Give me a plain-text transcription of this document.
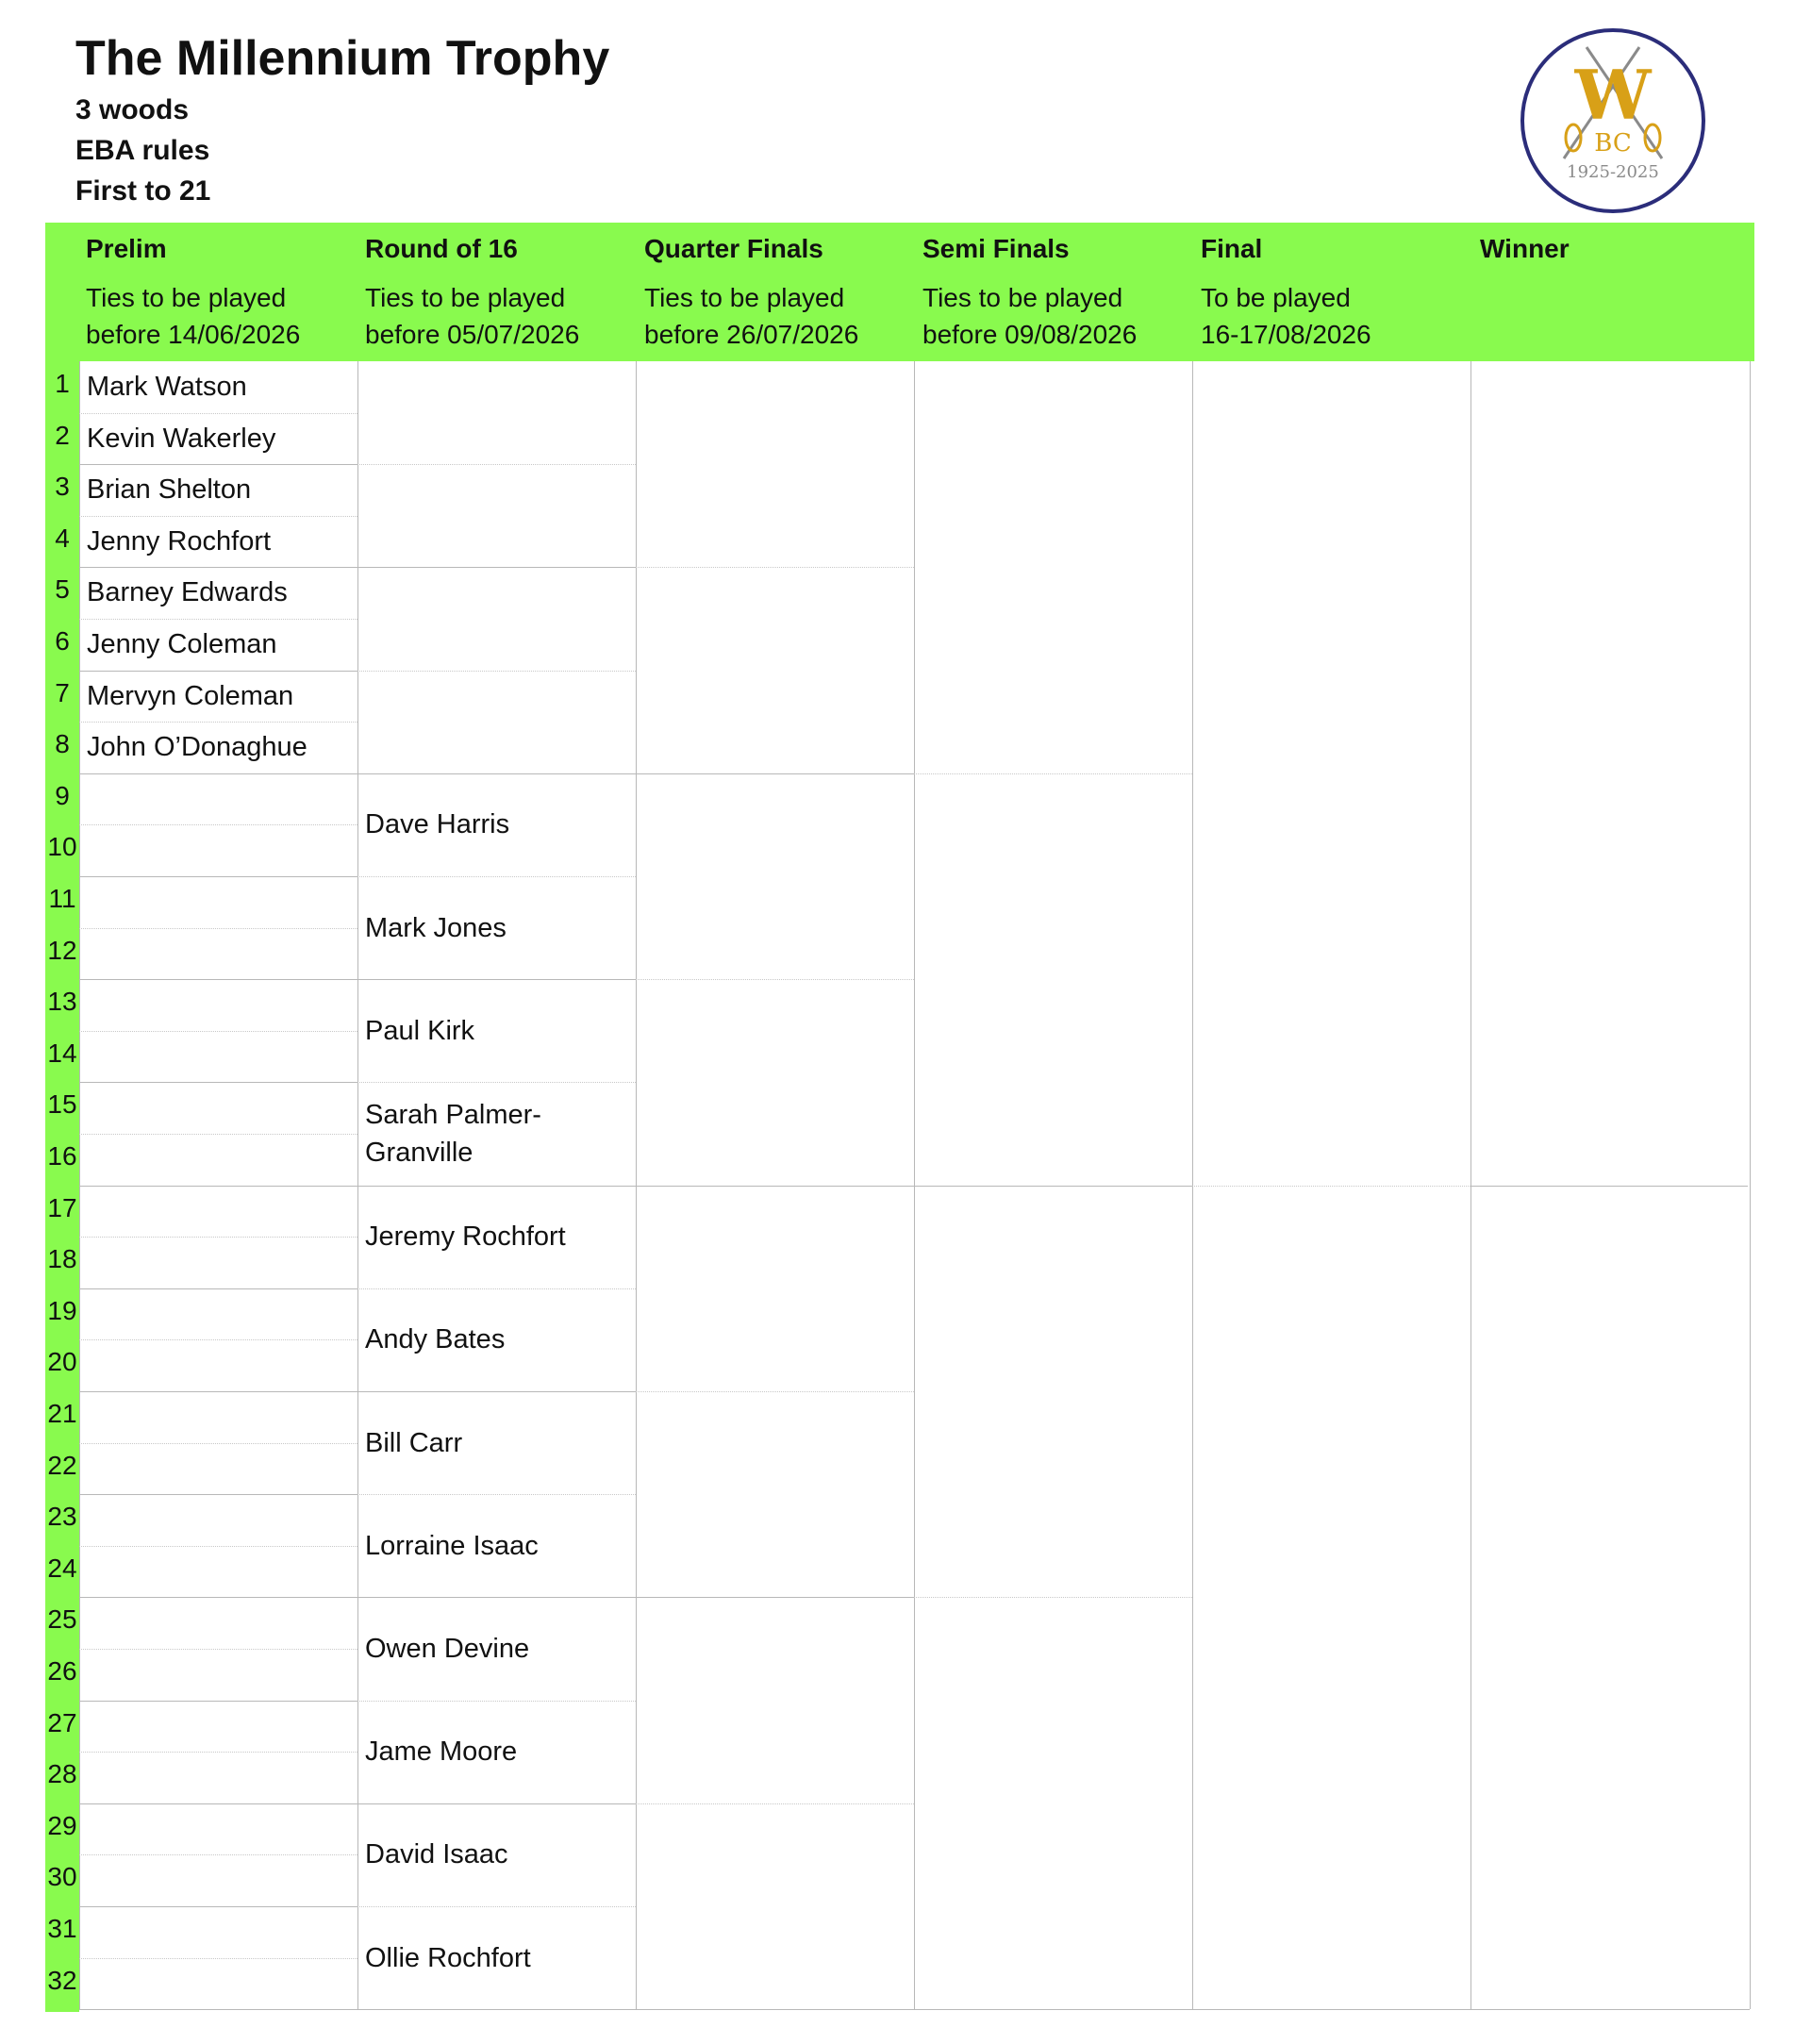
The Millennium Trophy
3 woods
EBA rules
First to 21
W
BC
1925-2025
Prelim
Ties to be played
before 14/06/2026
Round of 16
Ties to be played
before 05/07/2026
Quarter Finals
Ties to be played
before 26/07/2026
Semi Finals
Ties to be played
before 09/08/2026
Final
To be played
16-17/08/2026
Winner
1
2
3
4
5
6
7
8
9
10
11
12
13
14
15
16
17
18
19
20
21
22
23
24
25
26
27
28
29
30
31
32
Mark Watson
Kevin Wakerley
Brian Shelton
Jenny Rochfort
Barney Edwards
Jenny Coleman
Mervyn Coleman
John O’Donaghue
Dave Harris
Mark Jones
Paul Kirk
Sarah Palmer-Granville
Jeremy Rochfort
Andy Bates
Bill Carr
Lorraine Isaac
Owen Devine
Jame Moore
David Isaac
Ollie Rochfort
